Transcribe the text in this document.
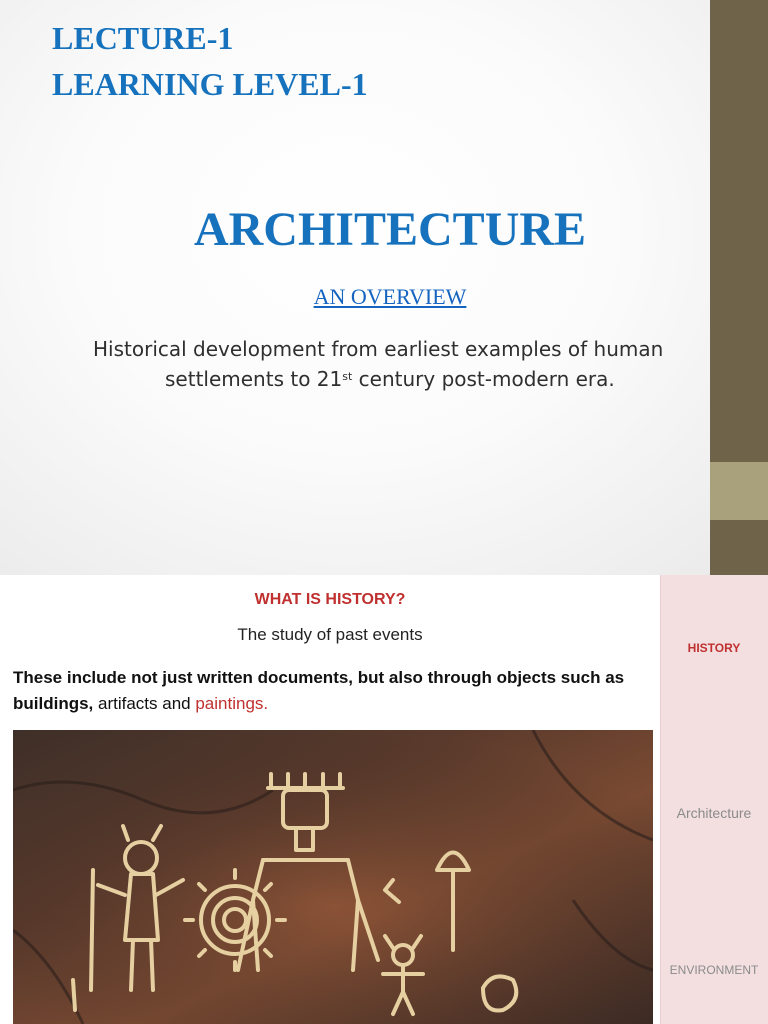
LECTURE-1
LEARNING LEVEL-1
ARCHITECTURE
AN OVERVIEW
Historical development from earliest examples of human
settlements to 21st century post-modern era.
HISTORY
Architecture
ENVIRONMENT
WHAT IS HISTORY?
The study of past events
These include not just written documents, but also through objects such as buildings, artifacts and paintings.
